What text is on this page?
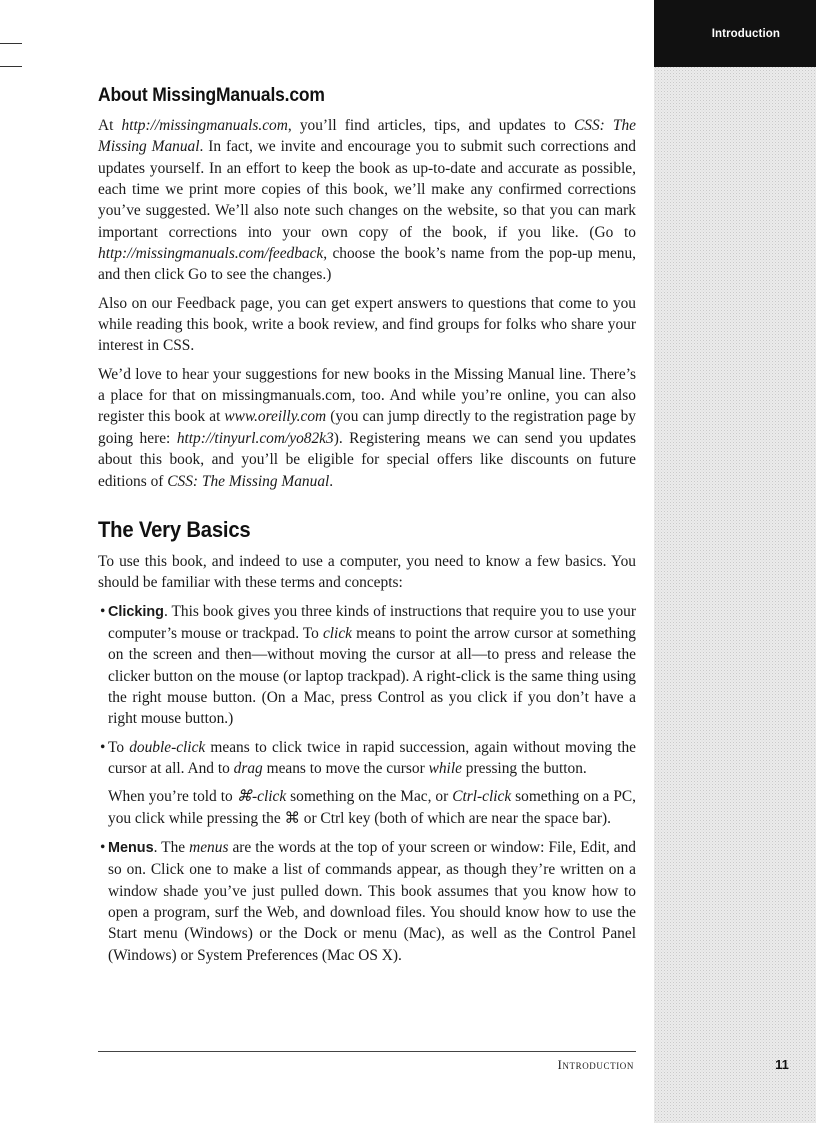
Introduction
About MissingManuals.com

At http://missingmanuals.com, you’ll find articles, tips, and updates to CSS: The Missing Manual. In fact, we invite and encourage you to submit such corrections and updates yourself. In an effort to keep the book as up-to-date and accurate as possible, each time we print more copies of this book, we’ll make any confirmed corrections you’ve suggested. We’ll also note such changes on the website, so that you can mark important corrections into your own copy of the book, if you like. (Go to http://missingmanuals.com/feedback, choose the book’s name from the pop-up menu, and then click Go to see the changes.)

Also on our Feedback page, you can get expert answers to questions that come to you while reading this book, write a book review, and find groups for folks who share your interest in CSS.

We’d love to hear your suggestions for new books in the Missing Manual line. There’s a place for that on missingmanuals.com, too. And while you’re online, you can also register this book at www.oreilly.com (you can jump directly to the registration page by going here: http://tinyurl.com/yo82k3). Registering means we can send you updates about this book, and you’ll be eligible for special offers like discounts on future editions of CSS: The Missing Manual.

The Very Basics

To use this book, and indeed to use a computer, you need to know a few basics. You should be familiar with these terms and concepts:

• Clicking. This book gives you three kinds of instructions that require you to use your computer’s mouse or trackpad. To click means to point the arrow cursor at something on the screen and then—without moving the cursor at all—to press and release the clicker button on the mouse (or laptop trackpad). A right-click is the same thing using the right mouse button. (On a Mac, press Control as you click if you don’t have a right mouse button.)
• To double-click means to click twice in rapid succession, again without moving the cursor at all. And to drag means to move the cursor while pressing the button.

When you’re told to ⌘-click something on the Mac, or Ctrl-click something on a PC, you click while pressing the ⌘ or Ctrl key (both of which are near the space bar).

• Menus. The menus are the words at the top of your screen or window: File, Edit, and so on. Click one to make a list of commands appear, as though they’re written on a window shade you’ve just pulled down. This book assumes that you know how to open a program, surf the Web, and download files. You should know how to use the Start menu (Windows) or the Dock or menu (Mac), as well as the Control Panel (Windows) or System Preferences (Mac OS X).
Introduction	11
